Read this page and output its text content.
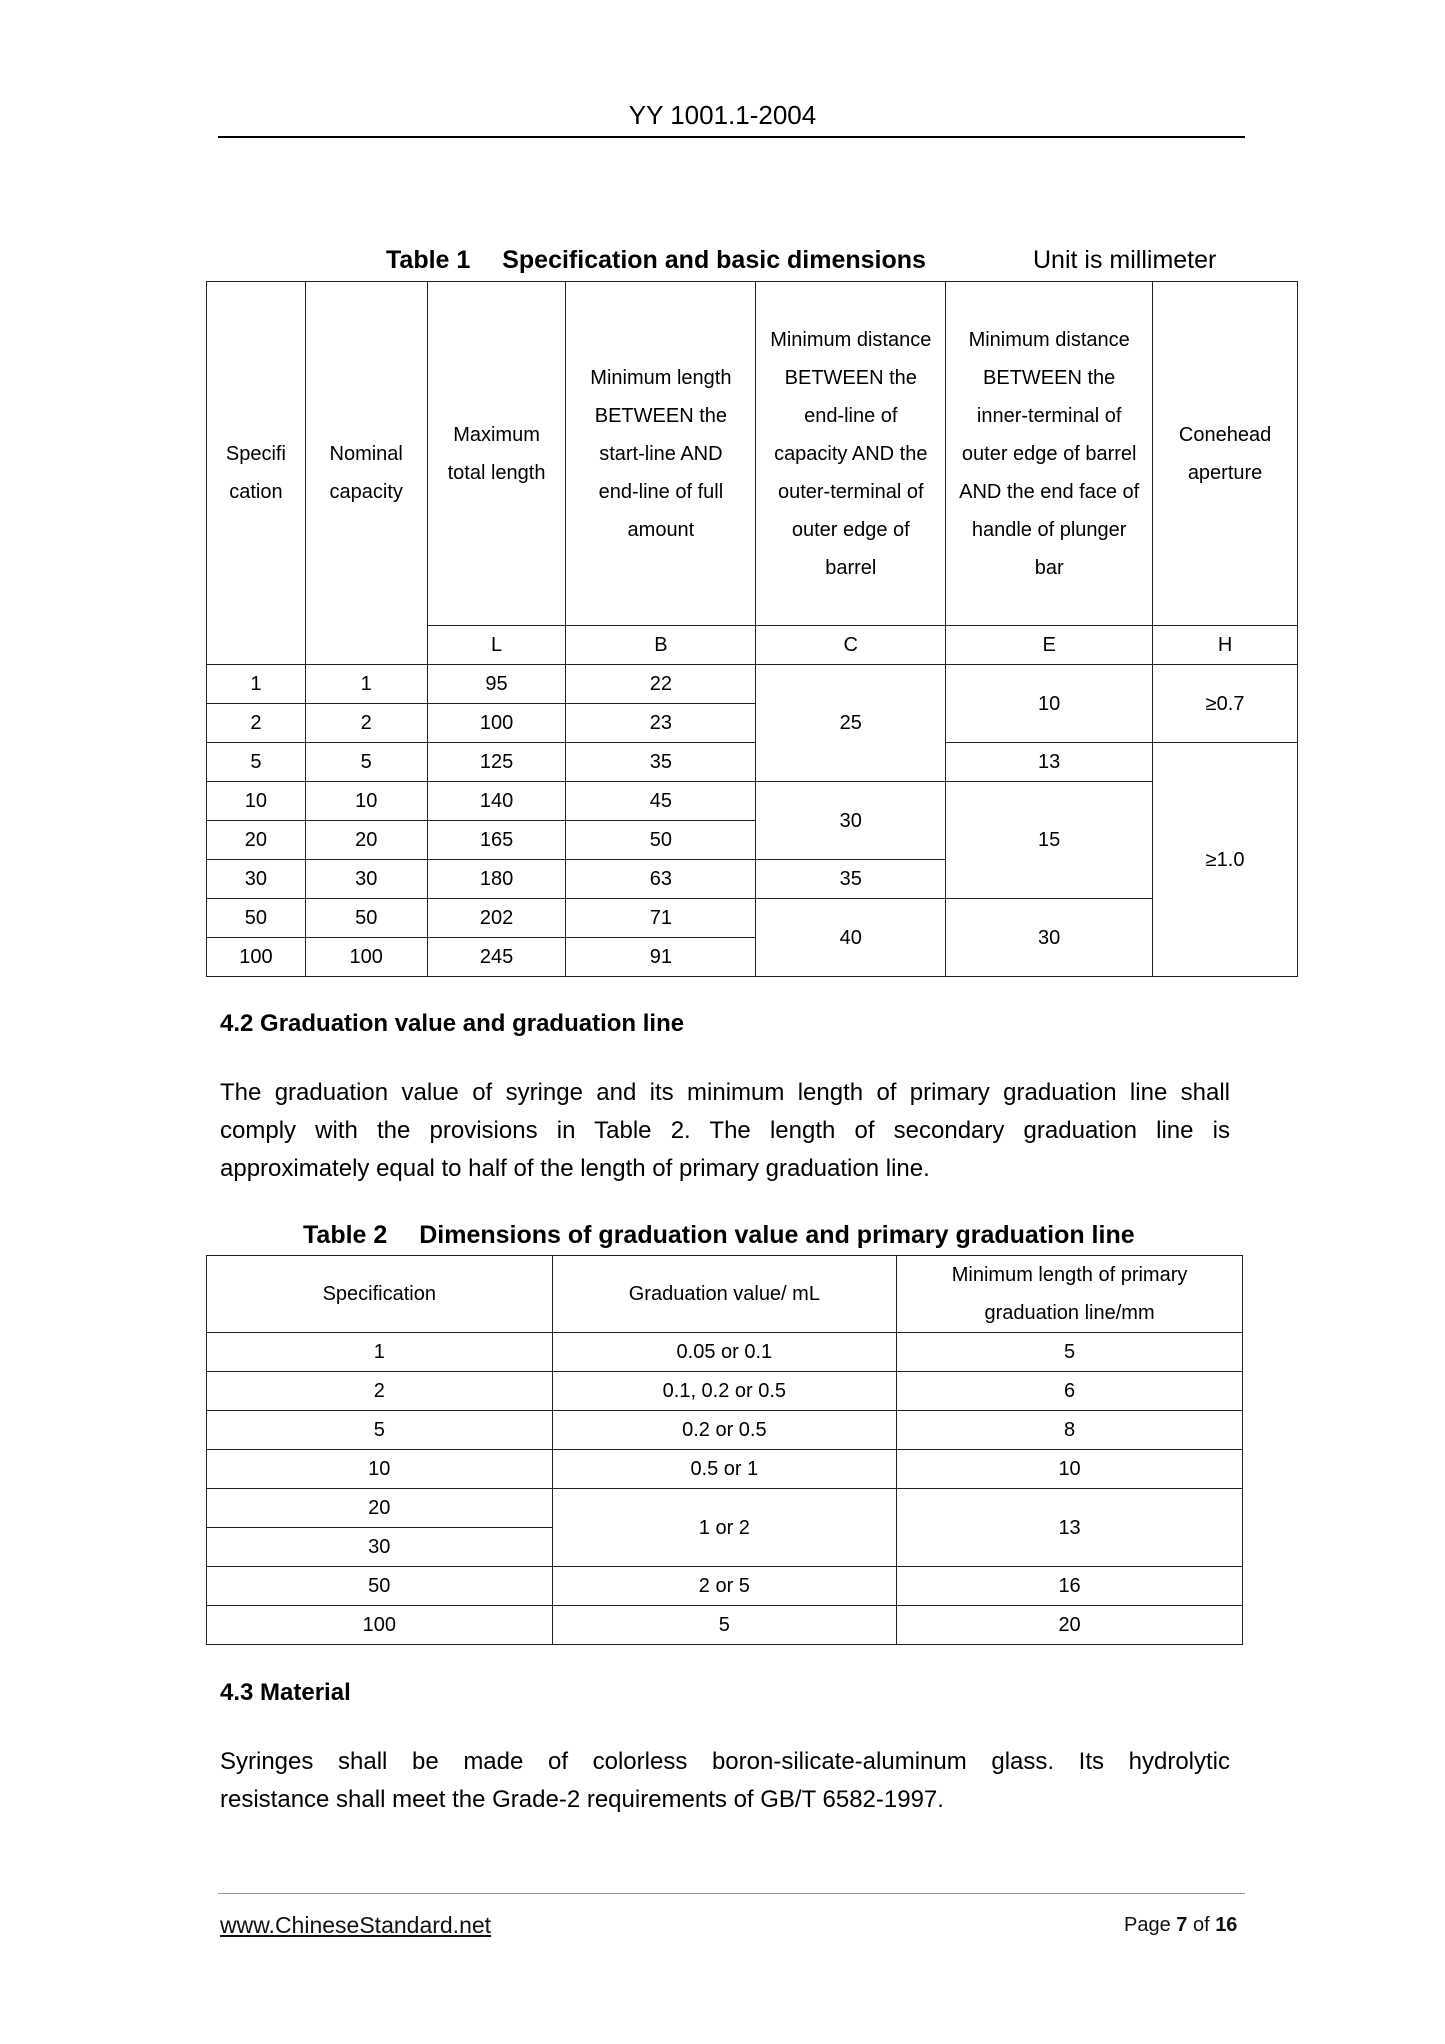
YY 1001.1-2004
Table 1  Specification and basic dimensions	Unit is millimeter
Specifi cation	Nominal capacity	Maximum total length	Minimum length BETWEEN the start-line AND end-line of full amount	Minimum distance BETWEEN the end-line of capacity AND the outer-terminal of outer edge of barrel	Minimum distance BETWEEN the inner-terminal of outer edge of barrel AND the end face of handle of plunger bar	Conehead aperture

		L	B	C	E	H
1	1	95	22	25	10	≥0.7
2	2	100	23			
5	5	125	35		13	≥1.0
10	10	140	45	30	15	
20	20	165	50			
30	30	180	63	35		
50	50	202	71	40	30	
100	100	245	91			
4.2 Graduation value and graduation line
The graduation value of syringe and its minimum length of primary graduation line shall
comply with the provisions in Table 2. The length of secondary graduation line is
approximately equal to half of the length of primary graduation line.
Table 2  Dimensions of graduation value and primary graduation line
Specification	Graduation value/ mL	Minimum length of primary graduation line/mm

1	0.05 or 0.1	5
2	0.1, 0.2 or 0.5	6
5	0.2 or 0.5	8
10	0.5 or 1	10
20	1 or 2	13
30		
50	2 or 5	16
100	5	20
4.3 Material
Syringes shall be made of colorless boron-silicate-aluminum glass. Its hydrolytic
resistance shall meet the Grade-2 requirements of GB/T 6582-1997.
www.ChineseStandard.net	Page 7 of 16
